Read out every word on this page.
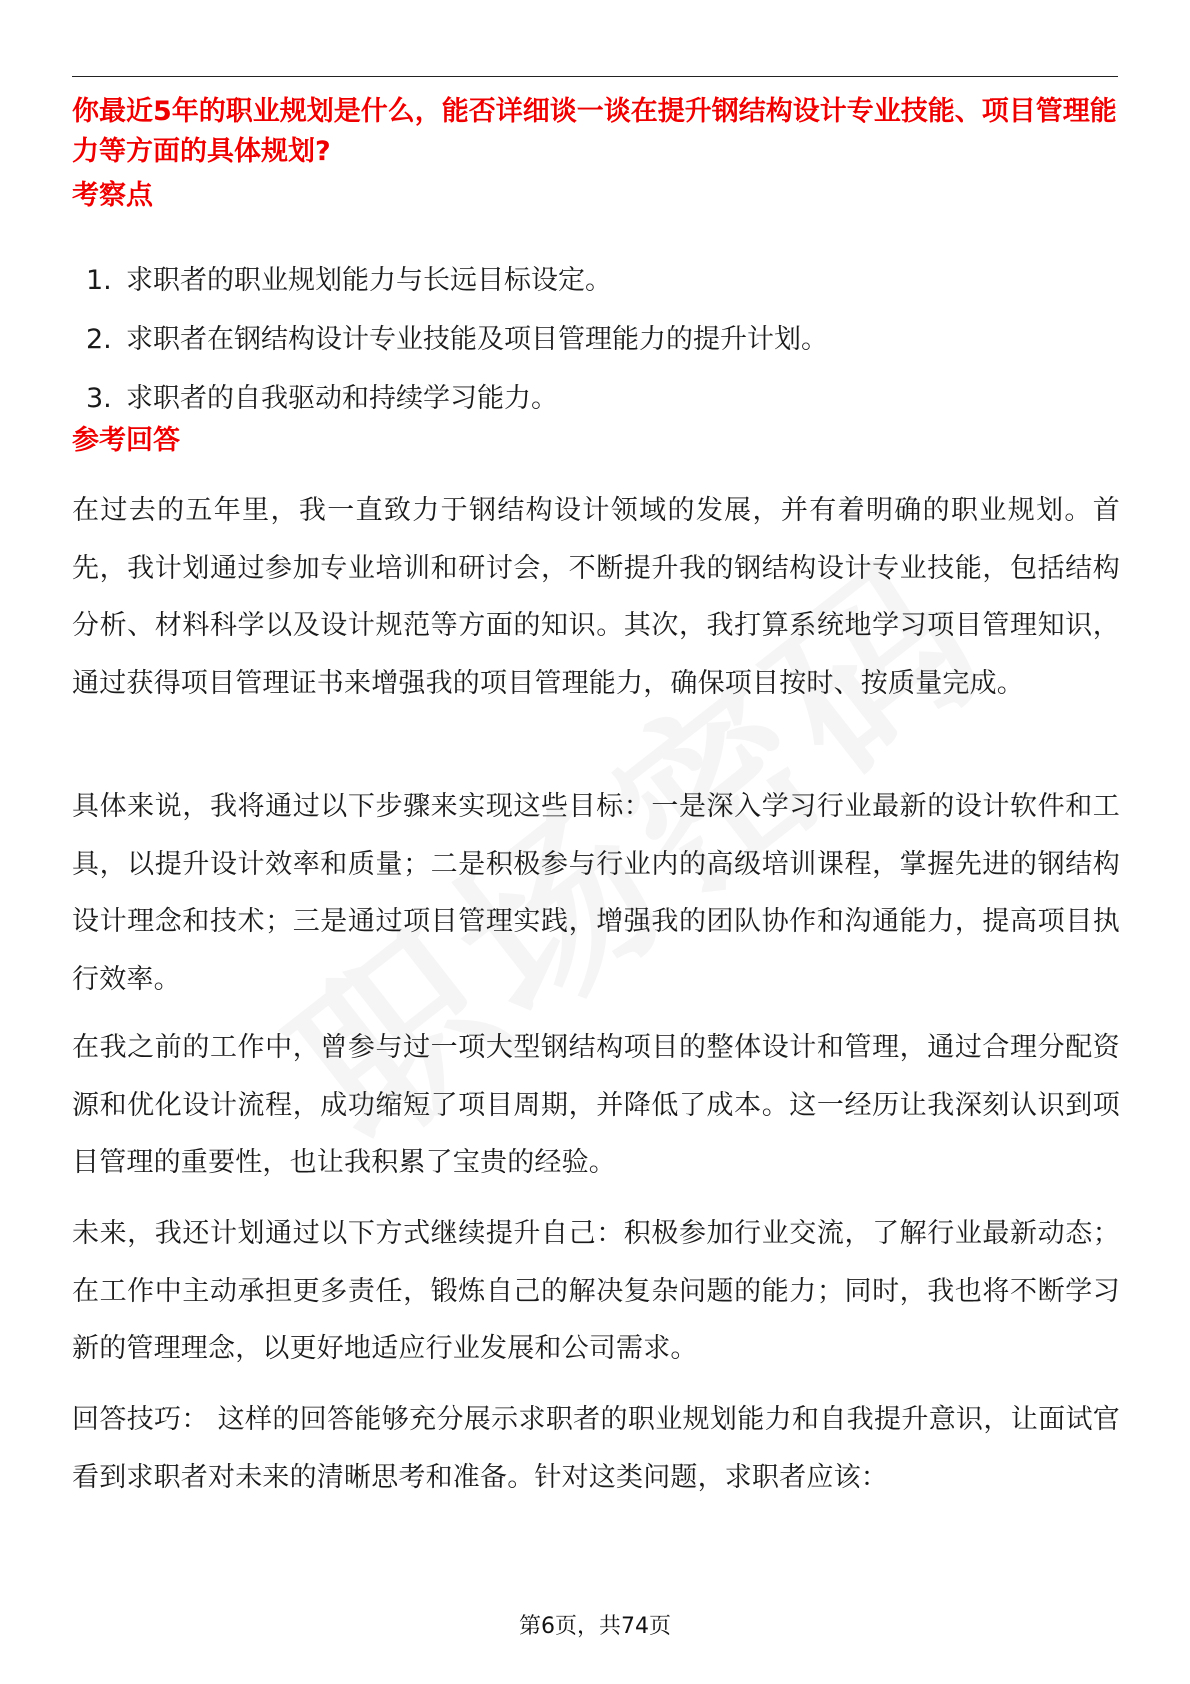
你最近5年的职业规划是什么，能否详细谈一谈在提升钢结构设计专业技能、项目管理能力等方面的具体规划?
考察点
1. 求职者的职业规划能力与长远目标设定。
2. 求职者在钢结构设计专业技能及项目管理能力的提升计划。
3. 求职者的自我驱动和持续学习能力。
参考回答

在过去的五年里，我一直致力于钢结构设计领域的发展，并有着明确的职业规划。首先，我计划通过参加专业培训和研讨会，不断提升我的钢结构设计专业技能，包括结构分析、材料科学以及设计规范等方面的知识。其次，我打算系统地学习项目管理知识，通过获得项目管理证书来增强我的项目管理能力，确保项目按时、按质量完成。

具体来说，我将通过以下步骤来实现这些目标：一是深入学习行业最新的设计软件和工具，以提升设计效率和质量；二是积极参与行业内的高级培训课程，掌握先进的钢结构设计理念和技术；三是通过项目管理实践，增强我的团队协作和沟通能力，提高项目执行效率。

在我之前的工作中，曾参与过一项大型钢结构项目的整体设计和管理，通过合理分配资源和优化设计流程，成功缩短了项目周期，并降低了成本。这一经历让我深刻认识到项目管理的重要性，也让我积累了宝贵的经验。

未来，我还计划通过以下方式继续提升自己：积极参加行业交流，了解行业最新动态；在工作中主动承担更多责任，锻炼自己的解决复杂问题的能力；同时，我也将不断学习新的管理理念，以更好地适应行业发展和公司需求。

回答技巧： 这样的回答能够充分展示求职者的职业规划能力和自我提升意识，让面试官看到求职者对未来的清晰思考和准备。针对这类问题，求职者应该：

第6页，共74页
